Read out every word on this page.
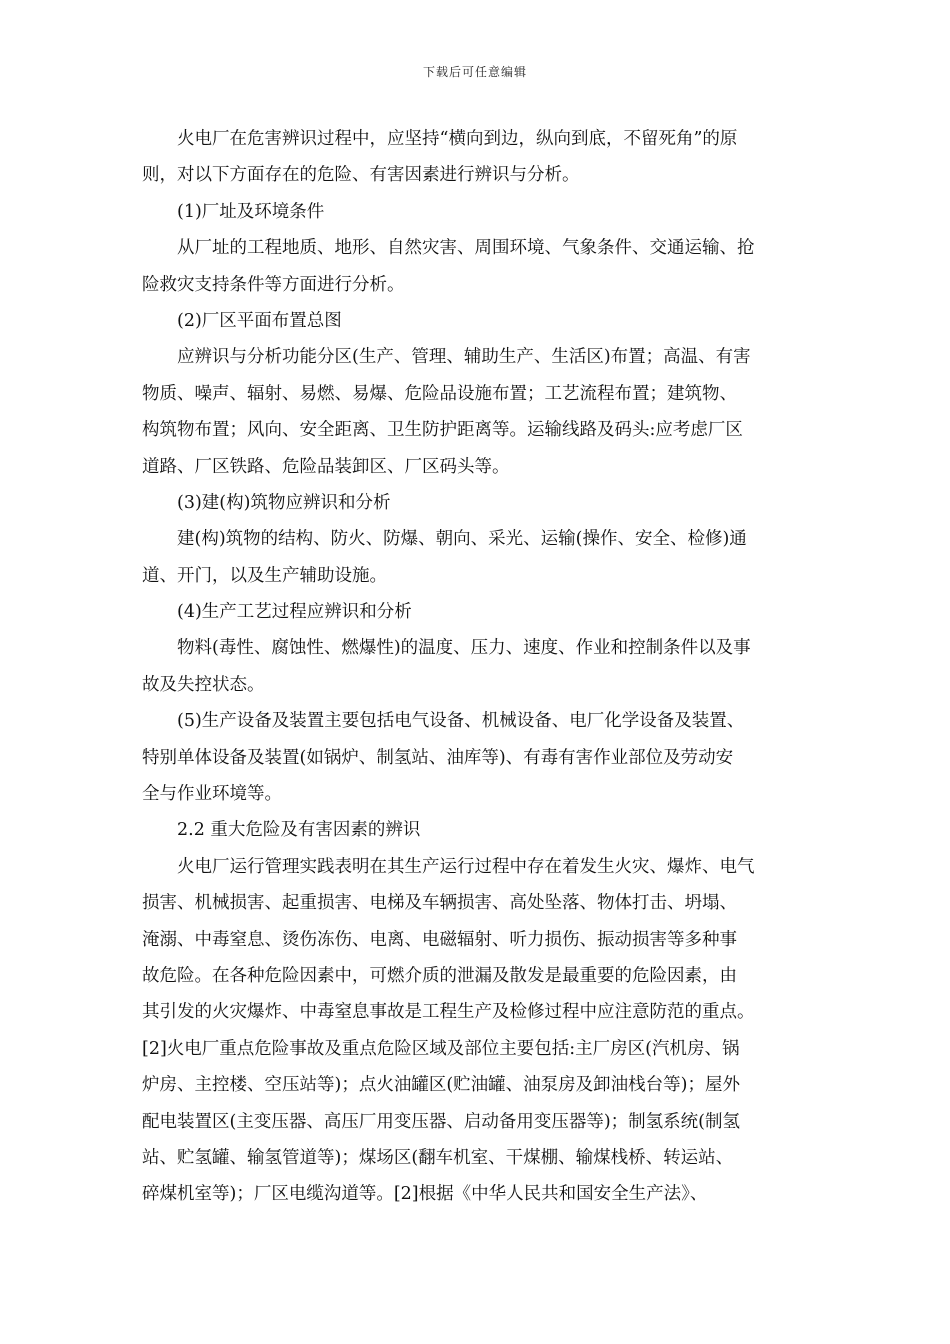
下载后可任意编辑
火电厂在危害辨识过程中，应坚持“横向到边，纵向到底，不留死角”的原
则，对以下方面存在的危险、有害因素进行辨识与分析。
(1)厂址及环境条件
从厂址的工程地质、地形、自然灾害、周围环境、气象条件、交通运输、抢
险救灾支持条件等方面进行分析。
(2)厂区平面布置总图
应辨识与分析功能分区(生产、管理、辅助生产、生活区)布置；高温、有害
物质、噪声、辐射、易燃、易爆、危险品设施布置；工艺流程布置；建筑物、
构筑物布置；风向、安全距离、卫生防护距离等。运输线路及码头:应考虑厂区
道路、厂区铁路、危险品装卸区、厂区码头等。
(3)建(构)筑物应辨识和分析
建(构)筑物的结构、防火、防爆、朝向、采光、运输(操作、安全、检修)通
道、开门，以及生产辅助设施。
(4)生产工艺过程应辨识和分析
物料(毒性、腐蚀性、燃爆性)的温度、压力、速度、作业和控制条件以及事
故及失控状态。
(5)生产设备及装置主要包括电气设备、机械设备、电厂化学设备及装置、
特别单体设备及装置(如锅炉、制氢站、油库等)、有毒有害作业部位及劳动安
全与作业环境等。
2.2 重大危险及有害因素的辨识
火电厂运行管理实践表明在其生产运行过程中存在着发生火灾、爆炸、电气
损害、机械损害、起重损害、电梯及车辆损害、高处坠落、物体打击、坍塌、
淹溺、中毒窒息、烫伤冻伤、电离、电磁辐射、听力损伤、振动损害等多种事
故危险。在各种危险因素中，可燃介质的泄漏及散发是最重要的危险因素，由
其引发的火灾爆炸、中毒窒息事故是工程生产及检修过程中应注意防范的重点。
[2]火电厂重点危险事故及重点危险区域及部位主要包括:主厂房区(汽机房、锅
炉房、主控楼、空压站等)；点火油罐区(贮油罐、油泵房及卸油栈台等)；屋外
配电装置区(主变压器、高压厂用变压器、启动备用变压器等)；制氢系统(制氢
站、贮氢罐、输氢管道等)；煤场区(翻车机室、干煤棚、输煤栈桥、转运站、
碎煤机室等)；厂区电缆沟道等。[2]根据《中华人民共和国安全生产法》、
